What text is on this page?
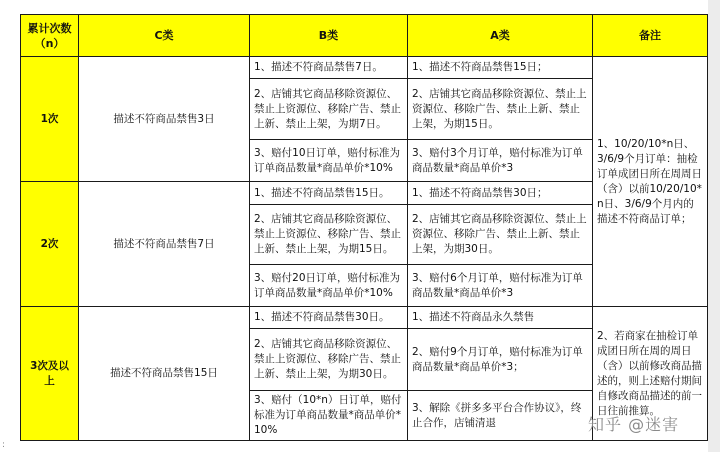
累计次数（n）	C类	B类	A类	备注
1次	描述不符商品禁售3日	1、描述不符商品禁售7日。	1、描述不符商品禁售15日；	1、10/20/10*n日、3/6/9个月订单：抽检订单成团日所在周周日（含）以前10/20/10*n日、3/6/9个月内的描述不符商品订单；
		2、店铺其它商品移除资源位、禁止上资源位、移除广告、禁止上新、禁止上架，为期7日。	2、店铺其它商品移除资源位、禁止上资源位、移除广告、禁止上新、禁止上架，为期15日。	
		3、赔付10日订单，赔付标准为订单商品数量*商品单价*10%	3、赔付3个月订单，赔付标准为订单商品数量*商品单价*3	
2次	描述不符商品禁售7日	1、描述不符商品禁售15日。	1、描述不符商品禁售30日；	
		2、店铺其它商品移除资源位、禁止上资源位、移除广告、禁止上新、禁止上架，为期15日。	2、店铺其它商品移除资源位、禁止上资源位、移除广告、禁止上新、禁止上架，为期30日。	
		3、赔付20日订单，赔付标准为订单商品数量*商品单价*10%	3、赔付6个月订单，赔付标准为订单商品数量*商品单价*3	
3次及以上	描述不符商品禁售15日	1、描述不符商品禁售30日。	1、描述不符商品永久禁售	2、若商家在抽检订单成团日所在周的周日（含）以前修改商品描述的，则上述赔付期间自修改商品描述的前一日往前推算。
		2、店铺其它商品移除资源位、禁止上资源位、移除广告、禁止上新、禁止上架，为期30日。	2、赔付9个月订单，赔付标准为订单商品数量*商品单价*3；	
		3、赔付（10*n）日订单，赔付标准为订单商品数量*商品单价*10%	3、解除《拼多多平台合作协议》，终止合作，店铺清退		知乎 @迷害
:
